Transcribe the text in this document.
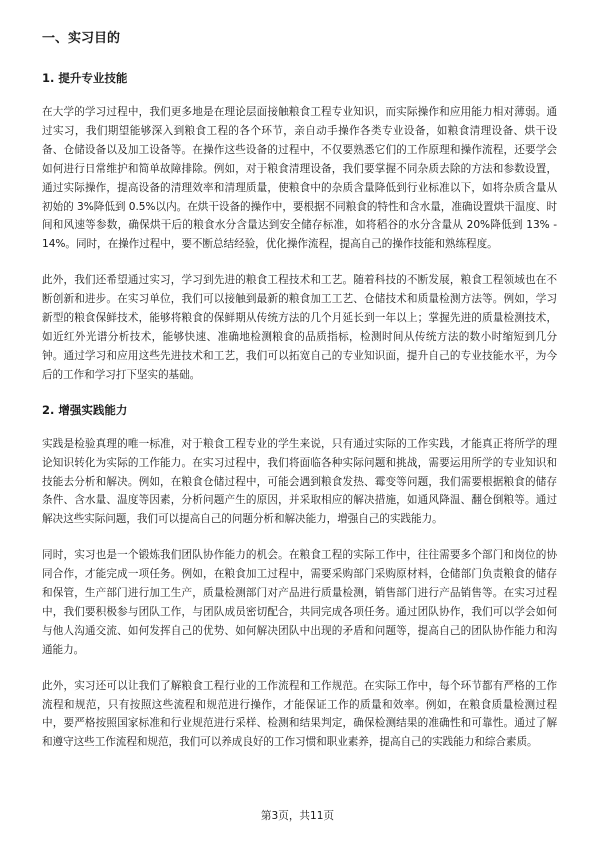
一、实习目的
1. 提升专业技能

在大学的学习过程中，我们更多地是在理论层面接触粮食工程专业知识，而实际操作和应用能力相对薄弱。通过实习，我们期望能够深入到粮食工程的各个环节，亲自动手操作各类专业设备，如粮食清理设备、烘干设备、仓储设备以及加工设备等。在操作这些设备的过程中，不仅要熟悉它们的工作原理和操作流程，还要学会如何进行日常维护和简单故障排除。例如，对于粮食清理设备，我们要掌握不同杂质去除的方法和参数设置，通过实际操作，提高设备的清理效率和清理质量，使粮食中的杂质含量降低到行业标准以下，如将杂质含量从初始的 3%降低到 0.5%以内。在烘干设备的操作中，要根据不同粮食的特性和含水量，准确设置烘干温度、时间和风速等参数，确保烘干后的粮食水分含量达到安全储存标准，如将稻谷的水分含量从 20%降低到 13% - 14%。同时，在操作过程中，要不断总结经验，优化操作流程，提高自己的操作技能和熟练程度。

此外，我们还希望通过实习，学习到先进的粮食工程技术和工艺。随着科技的不断发展，粮食工程领域也在不断创新和进步。在实习单位，我们可以接触到最新的粮食加工工艺、仓储技术和质量检测方法等。例如，学习新型的粮食保鲜技术，能够将粮食的保鲜期从传统方法的几个月延长到一年以上；掌握先进的质量检测技术，如近红外光谱分析技术，能够快速、准确地检测粮食的品质指标，检测时间从传统方法的数小时缩短到几分钟。通过学习和应用这些先进技术和工艺，我们可以拓宽自己的专业知识面，提升自己的专业技能水平，为今后的工作和学习打下坚实的基础。

2. 增强实践能力

实践是检验真理的唯一标准，对于粮食工程专业的学生来说，只有通过实际的工作实践，才能真正将所学的理论知识转化为实际的工作能力。在实习过程中，我们将面临各种实际问题和挑战，需要运用所学的专业知识和技能去分析和解决。例如，在粮食仓储过程中，可能会遇到粮食发热、霉变等问题，我们需要根据粮食的储存条件、含水量、温度等因素，分析问题产生的原因，并采取相应的解决措施，如通风降温、翻仓倒粮等。通过解决这些实际问题，我们可以提高自己的问题分析和解决能力，增强自己的实践能力。

同时，实习也是一个锻炼我们团队协作能力的机会。在粮食工程的实际工作中，往往需要多个部门和岗位的协同合作，才能完成一项任务。例如，在粮食加工过程中，需要采购部门采购原材料，仓储部门负责粮食的储存和保管，生产部门进行加工生产，质量检测部门对产品进行质量检测，销售部门进行产品销售等。在实习过程中，我们要积极参与团队工作，与团队成员密切配合，共同完成各项任务。通过团队协作，我们可以学会如何与他人沟通交流、如何发挥自己的优势、如何解决团队中出现的矛盾和问题等，提高自己的团队协作能力和沟通能力。

此外，实习还可以让我们了解粮食工程行业的工作流程和工作规范。在实际工作中，每个环节都有严格的工作流程和规范，只有按照这些流程和规范进行操作，才能保证工作的质量和效率。例如，在粮食质量检测过程中，要严格按照国家标准和行业规范进行采样、检测和结果判定，确保检测结果的准确性和可靠性。通过了解和遵守这些工作流程和规范，我们可以养成良好的工作习惯和职业素养，提高自己的实践能力和综合素质。

第3页，共11页
